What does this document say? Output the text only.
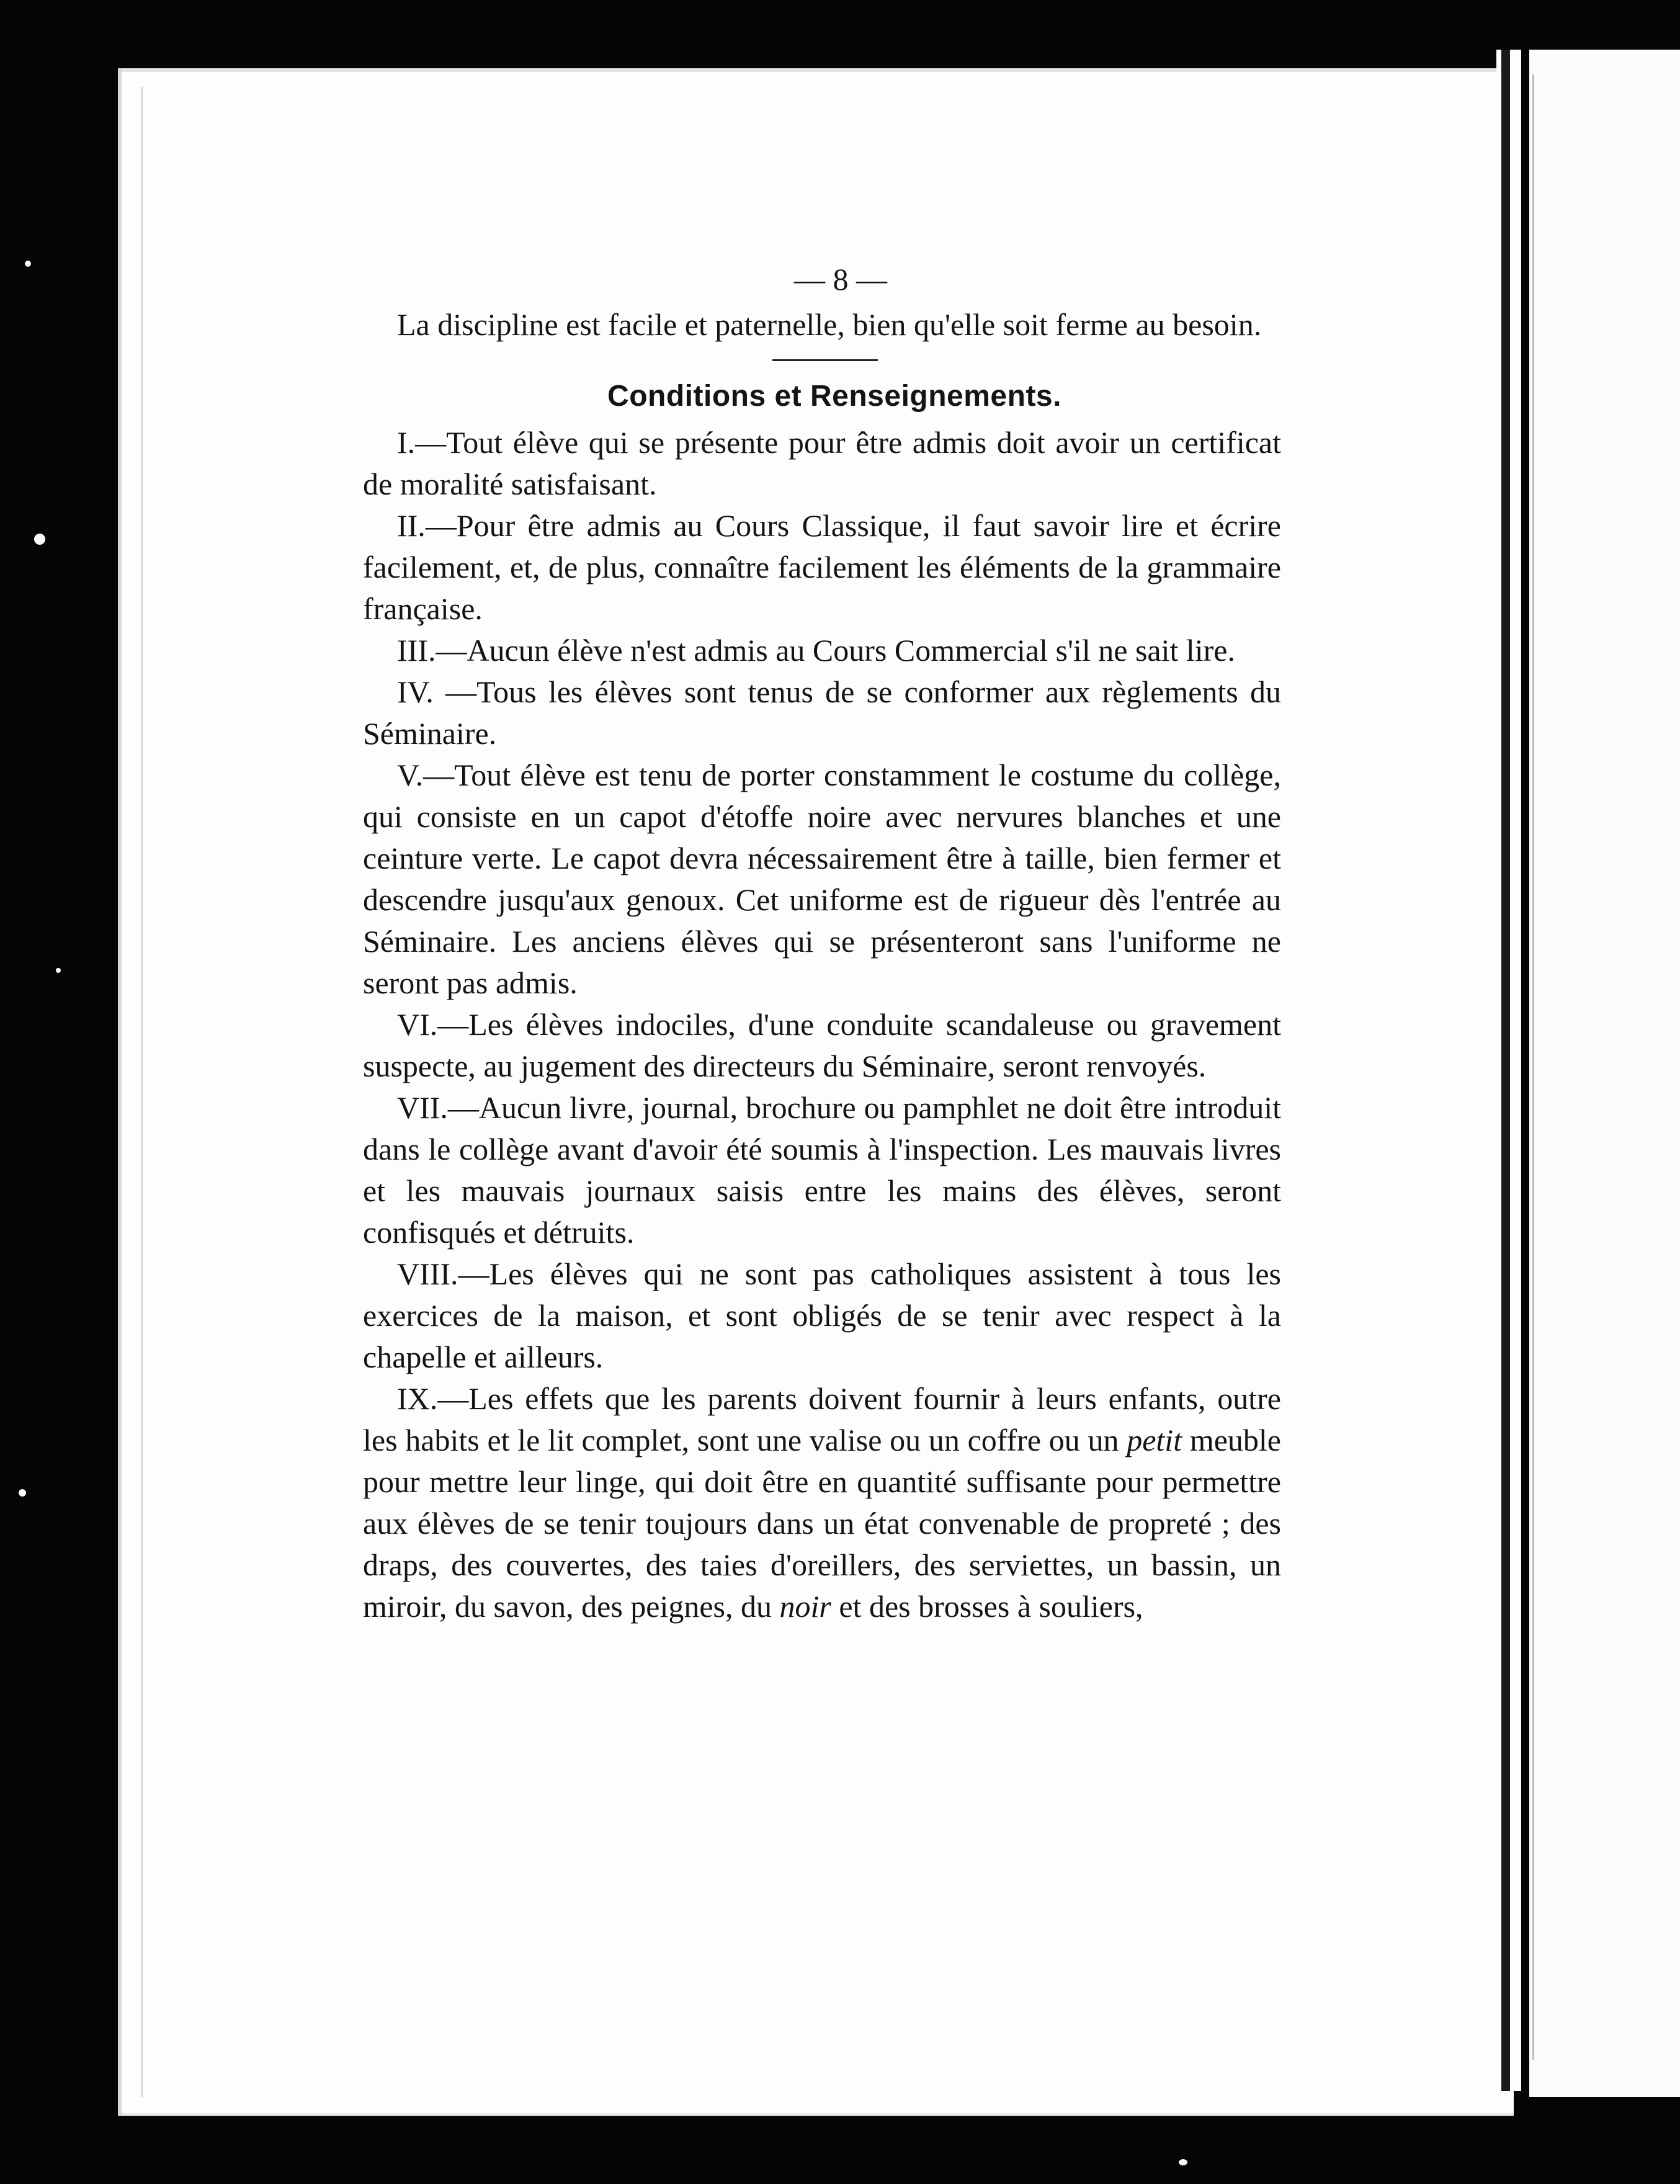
— 8 —

La discipline est facile et paternelle, bien qu'elle soit ferme au besoin.

Conditions et Renseignements.

I.—Tout élève qui se présente pour être admis doit avoir un certificat de moralité satisfaisant.

II.—Pour être admis au Cours Classique, il faut savoir lire et écrire facilement, et, de plus, connaître facilement les éléments de la grammaire française.

III.—Aucun élève n'est admis au Cours Commercial s'il ne sait lire.

IV. —Tous les élèves sont tenus de se conformer aux règlements du Séminaire.

V.—Tout élève est tenu de porter constamment le costume du collège, qui consiste en un capot d'étoffe noire avec nervures blanches et une ceinture verte. Le capot devra nécessairement être à taille, bien fermer et descendre jusqu'aux genoux. Cet uniforme est de rigueur dès l'entrée au Séminaire. Les anciens élèves qui se présenteront sans l'uniforme ne seront pas admis.

VI.—Les élèves indociles, d'une conduite scandaleuse ou gravement suspecte, au jugement des directeurs du Séminaire, seront renvoyés.

VII.—Aucun livre, journal, brochure ou pamphlet ne doit être introduit dans le collège avant d'avoir été soumis à l'inspection. Les mauvais livres et les mauvais journaux saisis entre les mains des élèves, seront confisqués et détruits.

VIII.—Les élèves qui ne sont pas catholiques assistent à tous les exercices de la maison, et sont obligés de se tenir avec respect à la chapelle et ailleurs.

IX.—Les effets que les parents doivent fournir à leurs enfants, outre les habits et le lit complet, sont une valise ou un coffre ou un petit meuble pour mettre leur linge, qui doit être en quantité suffisante pour permettre aux élèves de se tenir toujours dans un état convenable de propreté ; des draps, des couvertes, des taies d'oreillers, des serviettes, un bassin, un miroir, du savon, des peignes, du noir et des brosses à souliers,
